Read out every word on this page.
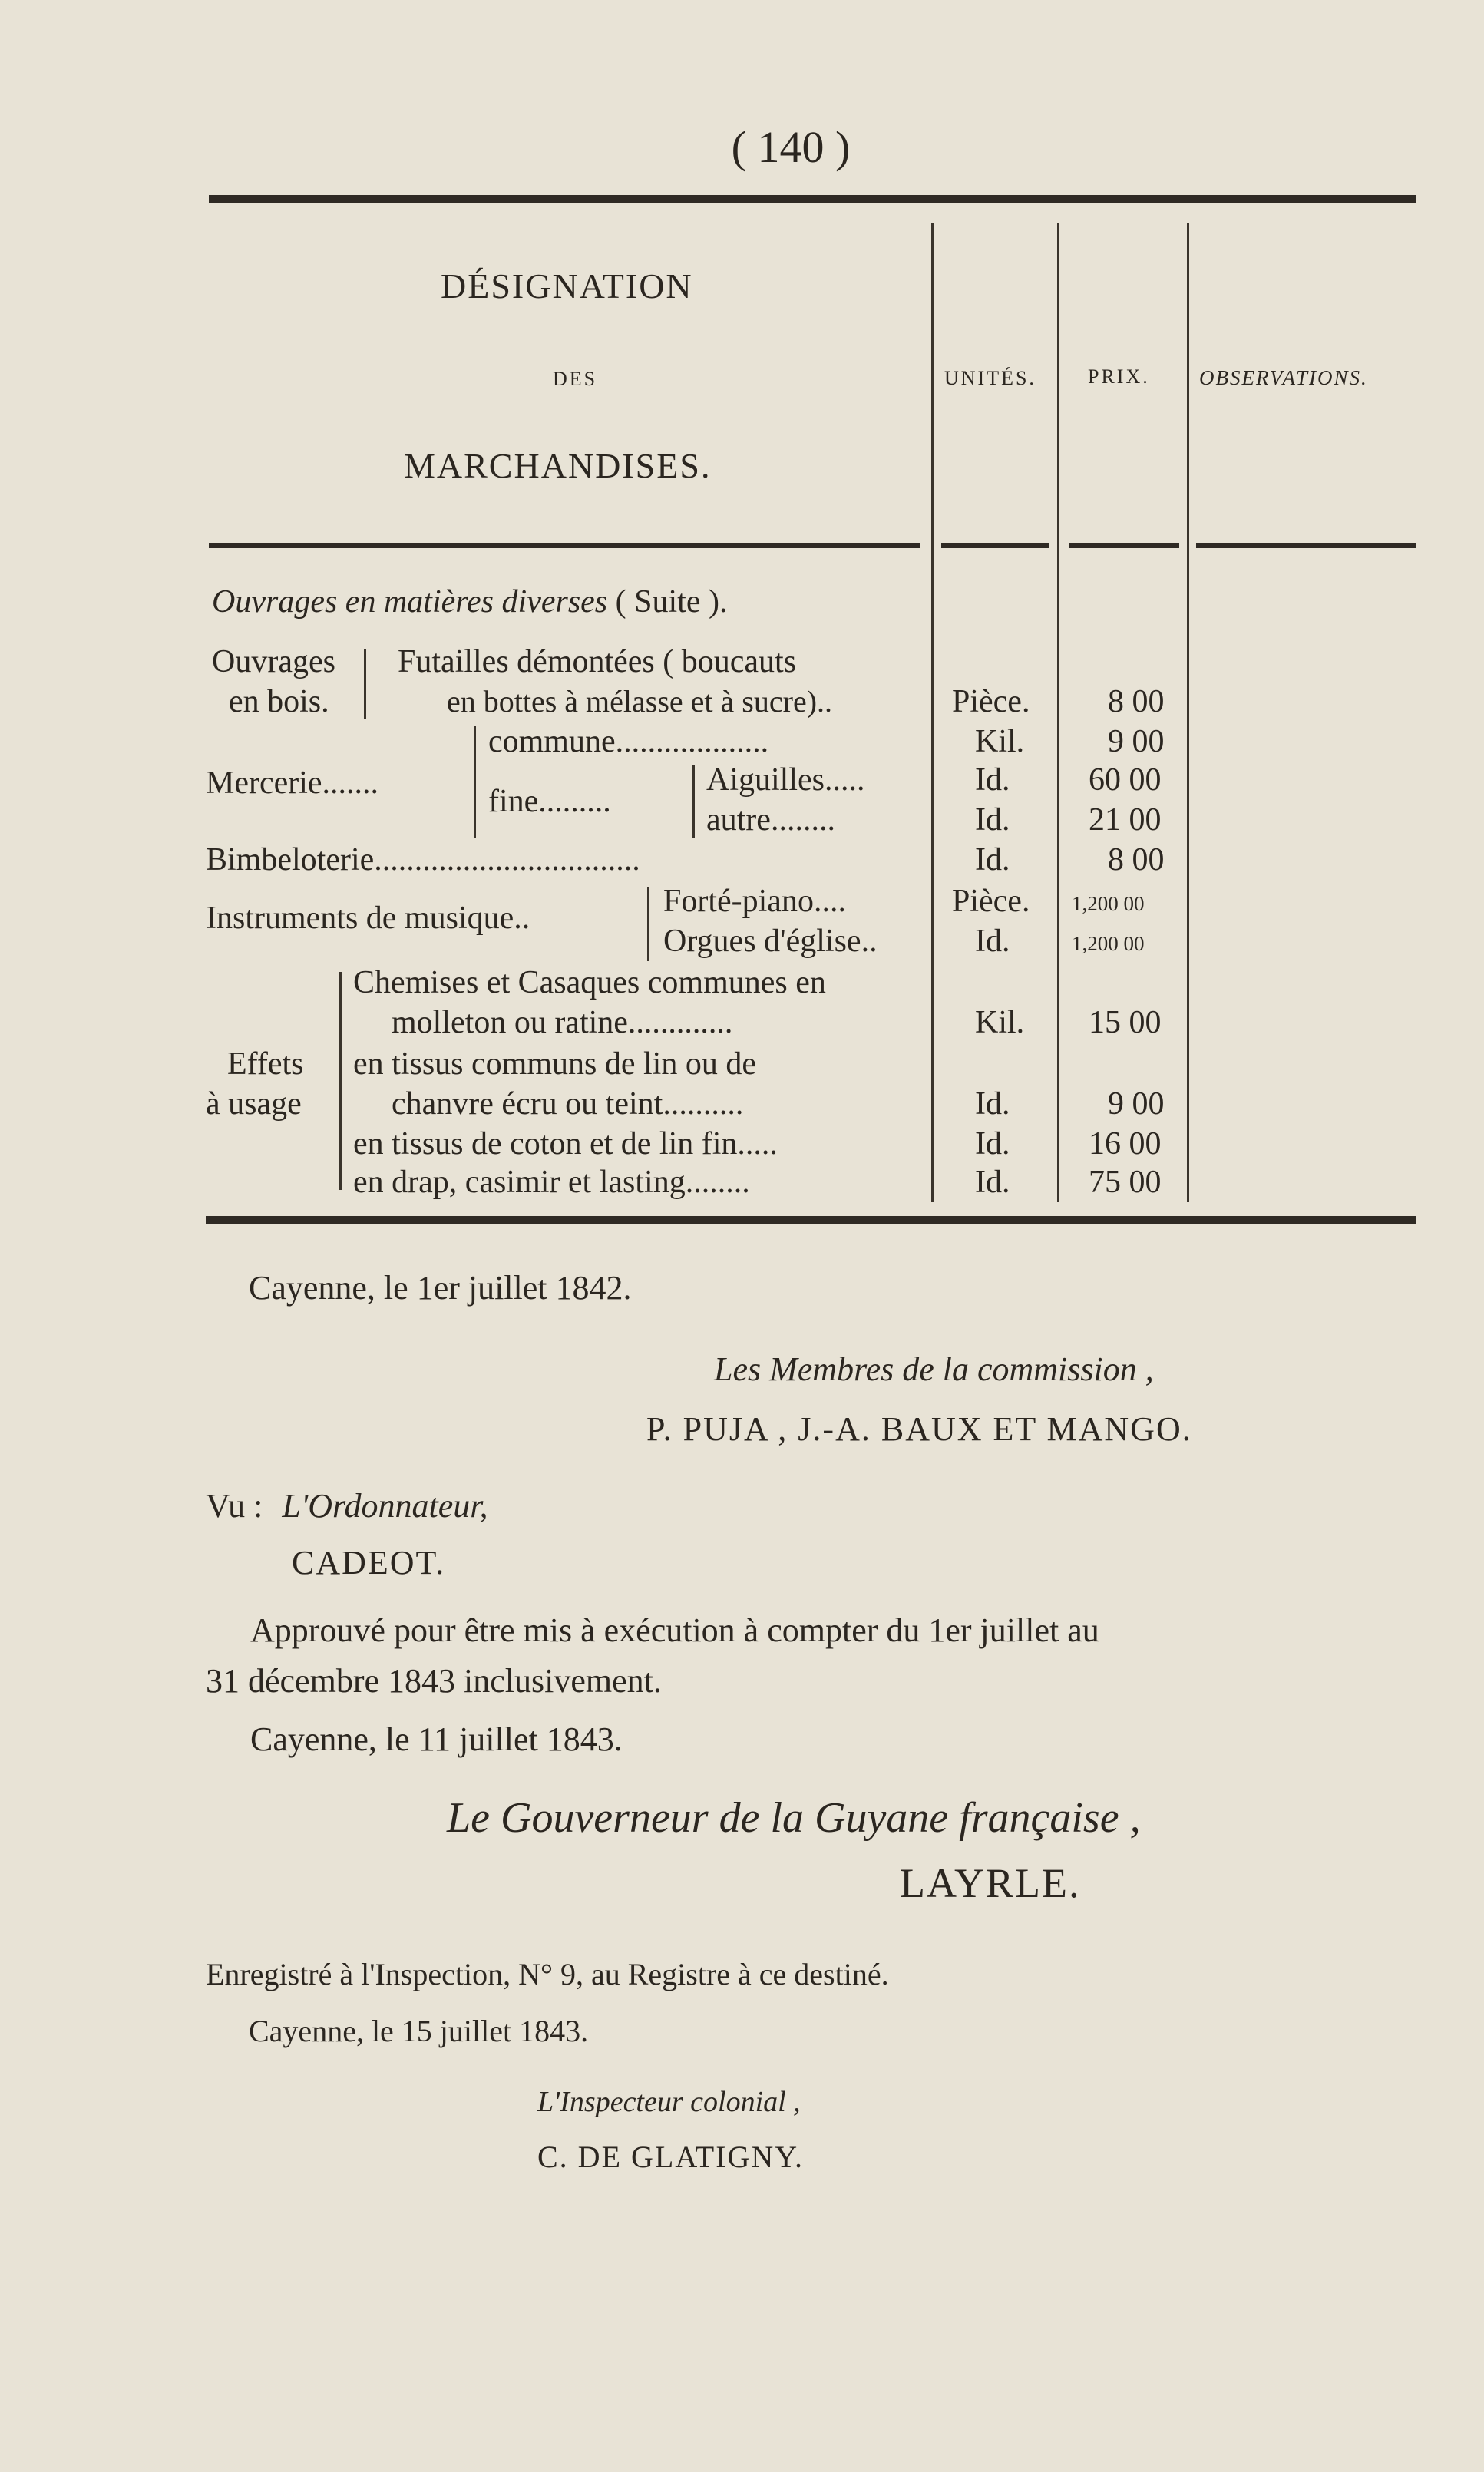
( 140 )
DÉSIGNATION
DES
MARCHANDISES.
UNITÉS.	PRIX. OBSERVATIONS.
Ouvrages en matières diverses ( Suite ).
Ouvrages
en bois.
Futailles démontées ( boucauts
en bottes à mélasse et à sucre)..	Pièce. 8 00
Mercerie.......
commune...................	Kil.	9 00
fine.........
Aiguilles.....	Id. 60 00
autre........	Id. 21 00
Bimbeloterie.................................	Id.	8 00
Instruments de musique..	Forté-piano....	Pièce. 1,200 00
Orgues d'église..	Id.	1,200 00
Effets
à usage
Chemises et Casaques communes en
molleton ou ratine.............	Kil. 15 00
en tissus communs de lin ou de
chanvre écru ou teint..........	Id.	9 00
en tissus de coton et de lin fin.....	Id. 16 00
en drap, casimir et lasting........	Id. 75 00
Cayenne, le 1er juillet 1842.
Les Membres de la commission ,
P. PUJA , J.-A. BAUX ET MANGO.
Vu : L'Ordonnateur,
CADEOT.
Approuvé pour être mis à exécution à compter du 1er juillet au
31 décembre 1843 inclusivement.
Cayenne, le 11 juillet 1843.
Le Gouverneur de la Guyane française ,
LAYRLE.
Enregistré à l'Inspection, N° 9, au Registre à ce destiné.
Cayenne, le 15 juillet 1843.
L'Inspecteur colonial ,
C. DE GLATIGNY.
